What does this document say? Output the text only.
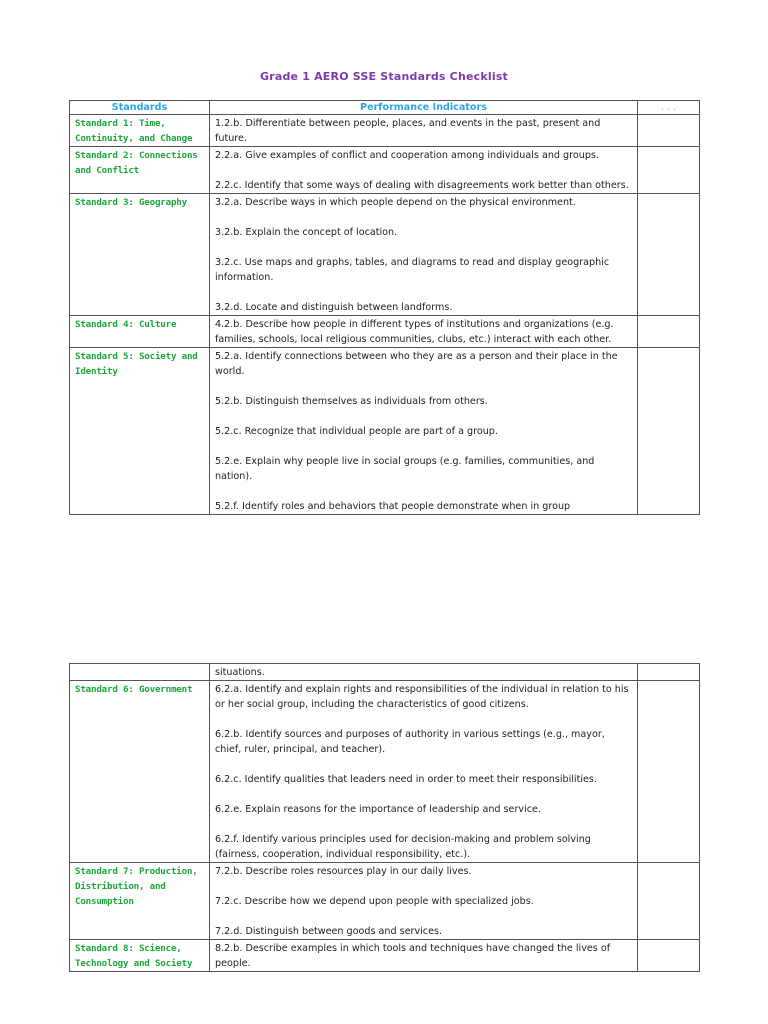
Grade 1 AERO SSE Standards Checklist
Standards	Performance Indicators	. . .
Standard 1: Time, Continuity, and Change	1.2.b. Differentiate between people, places, and events in the past, present and future.	

Standard 2: Connections and Conflict	2.2.a. Give examples of conflict and cooperation among individuals and groups.

2.2.c. Identify that some ways of dealing with disagreements work better than others.	

Standard 3: Geography	3.2.a. Describe ways in which people depend on the physical environment.

3.2.b. Explain the concept of location.

3.2.c. Use maps and graphs, tables, and diagrams to read and display geographic information.

3.2.d. Locate and distinguish between landforms.	

Standard 4: Culture	4.2.b. Describe how people in different types of institutions and organizations (e.g. families, schools, local religious communities, clubs, etc.) interact with each other.	

Standard 5: Society and Identity	5.2.a. Identify connections between who they are as a person and their place in the world.

5.2.b. Distinguish themselves as individuals from others.

5.2.c. Recognize that individual people are part of a group.

5.2.e. Explain why people live in social groups (e.g. families, communities, and nation).

5.2.f. Identify roles and behaviors that people demonstrate when in group	

	situations.	

Standard 6: Government	6.2.a. Identify and explain rights and responsibilities of the individual in relation to his or her social group, including the characteristics of good citizens.

6.2.b. Identify sources and purposes of authority in various settings (e.g., mayor, chief, ruler, principal, and teacher).

6.2.c. Identify qualities that leaders need in order to meet their responsibilities.

6.2.e. Explain reasons for the importance of leadership and service.

6.2.f. Identify various principles used for decision-making and problem solving (fairness, cooperation, individual responsibility, etc.).	

Standard 7: Production, Distribution, and Consumption	7.2.b. Describe roles resources play in our daily lives.

7.2.c. Describe how we depend upon people with specialized jobs.

7.2.d. Distinguish between goods and services.	

Standard 8: Science, Technology and Society	8.2.b. Describe examples in which tools and techniques have changed the lives of people.	
